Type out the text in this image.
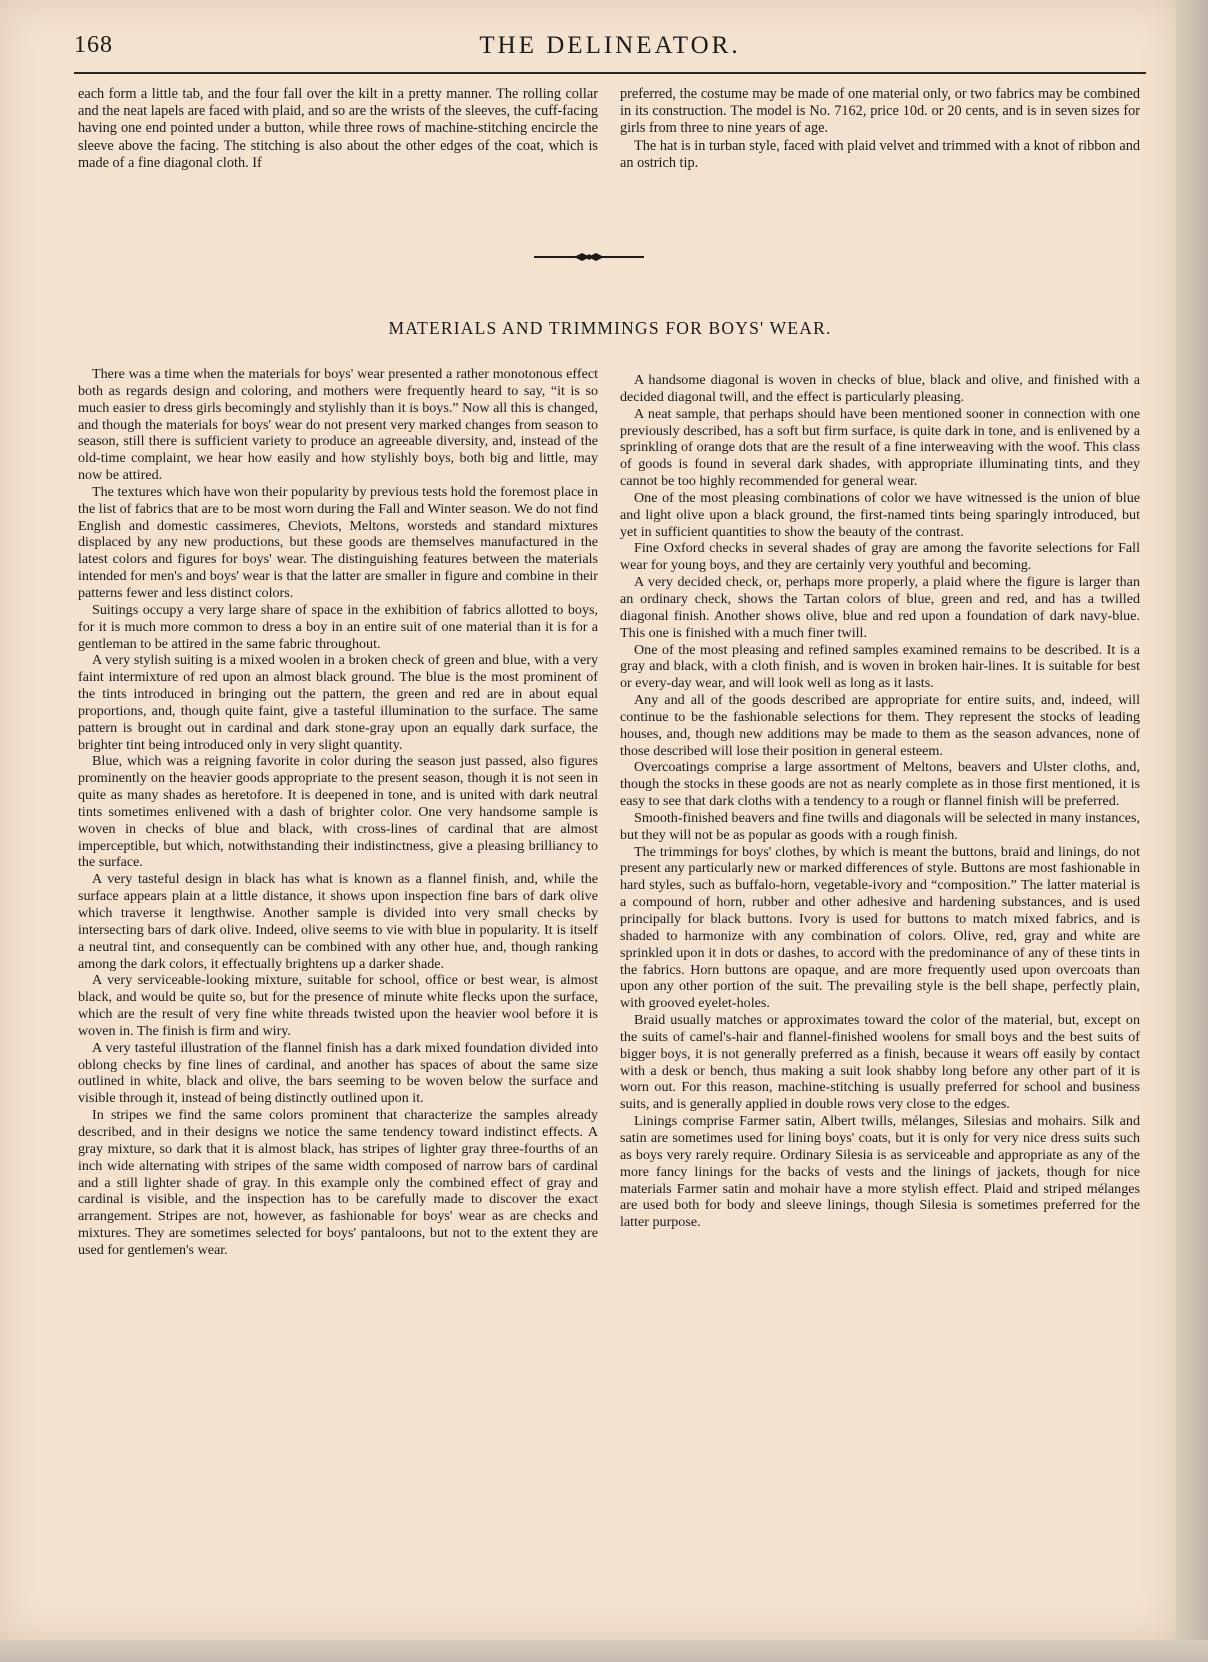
168	THE DELINEATOR.

each form a little tab, and the four fall over the kilt in a pretty manner. The rolling collar and the neat lapels are faced with plaid, and so are the wrists of the sleeves, the cuff-facing having one end pointed under a button, while three rows of machine-stitching encircle the sleeve above the facing. The stitching is also about the other edges of the coat, which is made of a fine diagonal cloth. If

preferred, the costume may be made of one material only, or two fabrics may be combined in its construction. The model is No. 7162, price 10d. or 20 cents, and is in seven sizes for girls from three to nine years of age.

The hat is in turban style, faced with plaid velvet and trimmed with a knot of ribbon and an ostrich tip.

MATERIALS AND TRIMMINGS FOR BOYS' WEAR.

There was a time when the materials for boys' wear presented a rather monotonous effect both as regards design and coloring, and mothers were frequently heard to say, “it is so much easier to dress girls becomingly and stylishly than it is boys.” Now all this is changed, and though the materials for boys' wear do not present very marked changes from season to season, still there is sufficient variety to produce an agreeable diversity, and, instead of the old-time complaint, we hear how easily and how stylishly boys, both big and little, may now be attired.

The textures which have won their popularity by previous tests hold the foremost place in the list of fabrics that are to be most worn during the Fall and Winter season. We do not find English and domestic cassimeres, Cheviots, Meltons, worsteds and standard mixtures displaced by any new productions, but these goods are themselves manufactured in the latest colors and figures for boys' wear. The distinguishing features between the materials intended for men's and boys' wear is that the latter are smaller in figure and combine in their patterns fewer and less distinct colors.

Suitings occupy a very large share of space in the exhibition of fabrics allotted to boys, for it is much more common to dress a boy in an entire suit of one material than it is for a gentleman to be attired in the same fabric throughout.

A very stylish suiting is a mixed woolen in a broken check of green and blue, with a very faint intermixture of red upon an almost black ground. The blue is the most prominent of the tints introduced in bringing out the pattern, the green and red are in about equal proportions, and, though quite faint, give a tasteful illumination to the surface. The same pattern is brought out in cardinal and dark stone-gray upon an equally dark surface, the brighter tint being introduced only in very slight quantity.

Blue, which was a reigning favorite in color during the season just passed, also figures prominently on the heavier goods appropriate to the present season, though it is not seen in quite as many shades as heretofore. It is deepened in tone, and is united with dark neutral tints sometimes enlivened with a dash of brighter color. One very handsome sample is woven in checks of blue and black, with cross-lines of cardinal that are almost imperceptible, but which, notwithstanding their indistinctness, give a pleasing brilliancy to the surface.

A very tasteful design in black has what is known as a flannel finish, and, while the surface appears plain at a little distance, it shows upon inspection fine bars of dark olive which traverse it lengthwise. Another sample is divided into very small checks by intersecting bars of dark olive. Indeed, olive seems to vie with blue in popularity. It is itself a neutral tint, and consequently can be combined with any other hue, and, though ranking among the dark colors, it effectually brightens up a darker shade.

A very serviceable-looking mixture, suitable for school, office or best wear, is almost black, and would be quite so, but for the presence of minute white flecks upon the surface, which are the result of very fine white threads twisted upon the heavier wool before it is woven in. The finish is firm and wiry.

A very tasteful illustration of the flannel finish has a dark mixed foundation divided into oblong checks by fine lines of cardinal, and another has spaces of about the same size outlined in white, black and olive, the bars seeming to be woven below the surface and visible through it, instead of being distinctly outlined upon it.

In stripes we find the same colors prominent that characterize the samples already described, and in their designs we notice the same tendency toward indistinct effects. A gray mixture, so dark that it is almost black, has stripes of lighter gray three-fourths of an inch wide alternating with stripes of the same width composed of narrow bars of cardinal and a still lighter shade of gray. In this example only the combined effect of gray and cardinal is visible, and the inspection has to be carefully made to discover the exact arrangement. Stripes are not, however, as fashionable for boys' wear as are checks and mixtures. They are sometimes selected for boys' pantaloons, but not to the extent they are used for gentlemen's wear.

A handsome diagonal is woven in checks of blue, black and olive, and finished with a decided diagonal twill, and the effect is particularly pleasing.

A neat sample, that perhaps should have been mentioned sooner in connection with one previously described, has a soft but firm surface, is quite dark in tone, and is enlivened by a sprinkling of orange dots that are the result of a fine interweaving with the woof. This class of goods is found in several dark shades, with appropriate illuminating tints, and they cannot be too highly recommended for general wear.

One of the most pleasing combinations of color we have witnessed is the union of blue and light olive upon a black ground, the first-named tints being sparingly introduced, but yet in sufficient quantities to show the beauty of the contrast.

Fine Oxford checks in several shades of gray are among the favorite selections for Fall wear for young boys, and they are certainly very youthful and becoming.

A very decided check, or, perhaps more properly, a plaid where the figure is larger than an ordinary check, shows the Tartan colors of blue, green and red, and has a twilled diagonal finish. Another shows olive, blue and red upon a foundation of dark navy-blue. This one is finished with a much finer twill.

One of the most pleasing and refined samples examined remains to be described. It is a gray and black, with a cloth finish, and is woven in broken hair-lines. It is suitable for best or every-day wear, and will look well as long as it lasts.

Any and all of the goods described are appropriate for entire suits, and, indeed, will continue to be the fashionable selections for them. They represent the stocks of leading houses, and, though new additions may be made to them as the season advances, none of those described will lose their position in general esteem.

Overcoatings comprise a large assortment of Meltons, beavers and Ulster cloths, and, though the stocks in these goods are not as nearly complete as in those first mentioned, it is easy to see that dark cloths with a tendency to a rough or flannel finish will be preferred.

Smooth-finished beavers and fine twills and diagonals will be selected in many instances, but they will not be as popular as goods with a rough finish.

The trimmings for boys' clothes, by which is meant the buttons, braid and linings, do not present any particularly new or marked differences of style. Buttons are most fashionable in hard styles, such as buffalo-horn, vegetable-ivory and “composition.” The latter material is a compound of horn, rubber and other adhesive and hardening substances, and is used principally for black buttons. Ivory is used for buttons to match mixed fabrics, and is shaded to harmonize with any combination of colors. Olive, red, gray and white are sprinkled upon it in dots or dashes, to accord with the predominance of any of these tints in the fabrics. Horn buttons are opaque, and are more frequently used upon overcoats than upon any other portion of the suit. The prevailing style is the bell shape, perfectly plain, with grooved eyelet-holes.

Braid usually matches or approximates toward the color of the material, but, except on the suits of camel's-hair and flannel-finished woolens for small boys and the best suits of bigger boys, it is not generally preferred as a finish, because it wears off easily by contact with a desk or bench, thus making a suit look shabby long before any other part of it is worn out. For this reason, machine-stitching is usually preferred for school and business suits, and is generally applied in double rows very close to the edges.

Linings comprise Farmer satin, Albert twills, mélanges, Silesias and mohairs. Silk and satin are sometimes used for lining boys' coats, but it is only for very nice dress suits such as boys very rarely require. Ordinary Silesia is as serviceable and appropriate as any of the more fancy linings for the backs of vests and the linings of jackets, though for nice materials Farmer satin and mohair have a more stylish effect. Plaid and striped mélanges are used both for body and sleeve linings, though Silesia is sometimes preferred for the latter purpose.
